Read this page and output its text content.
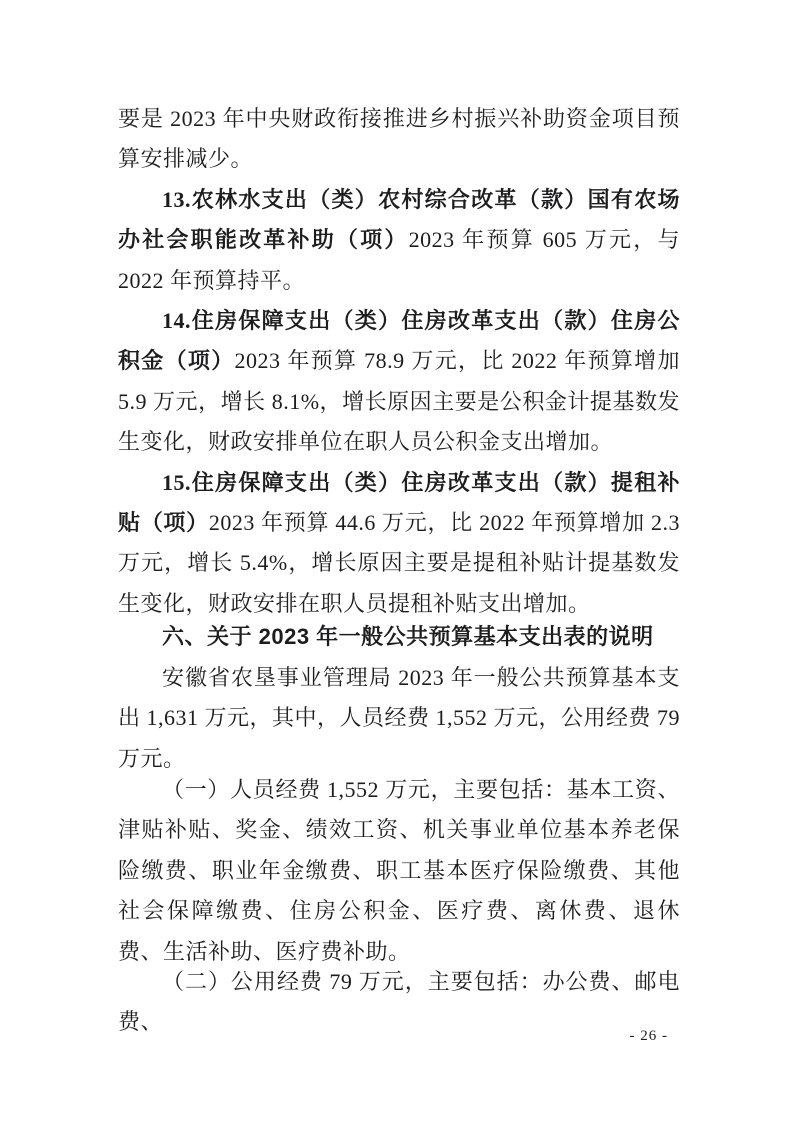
要是 2023 年中央财政衔接推进乡村振兴补助资金项目预算安排减少。

13.农林水支出（类）农村综合改革（款）国有农场办社会职能改革补助（项）2023 年预算 605 万元，与 2022 年预算持平。

14.住房保障支出（类）住房改革支出（款）住房公积金（项）2023 年预算 78.9 万元，比 2022 年预算增加 5.9 万元，增长 8.1%，增长原因主要是公积金计提基数发生变化，财政安排单位在职人员公积金支出增加。

15.住房保障支出（类）住房改革支出（款）提租补贴（项）2023 年预算 44.6 万元，比 2022 年预算增加 2.3 万元，增长 5.4%，增长原因主要是提租补贴计提基数发生变化，财政安排在职人员提租补贴支出增加。

六、关于 2023 年一般公共预算基本支出表的说明

安徽省农垦事业管理局 2023 年一般公共预算基本支出 1,631 万元，其中，人员经费 1,552 万元，公用经费 79 万元。

（一）人员经费 1,552 万元，主要包括：基本工资、津贴补贴、奖金、绩效工资、机关事业单位基本养老保险缴费、职业年金缴费、职工基本医疗保险缴费、其他社会保障缴费、住房公积金、医疗费、离休费、退休费、生活补助、医疗费补助。

（二）公用经费 79 万元，主要包括：办公费、邮电费、

- 26 -
